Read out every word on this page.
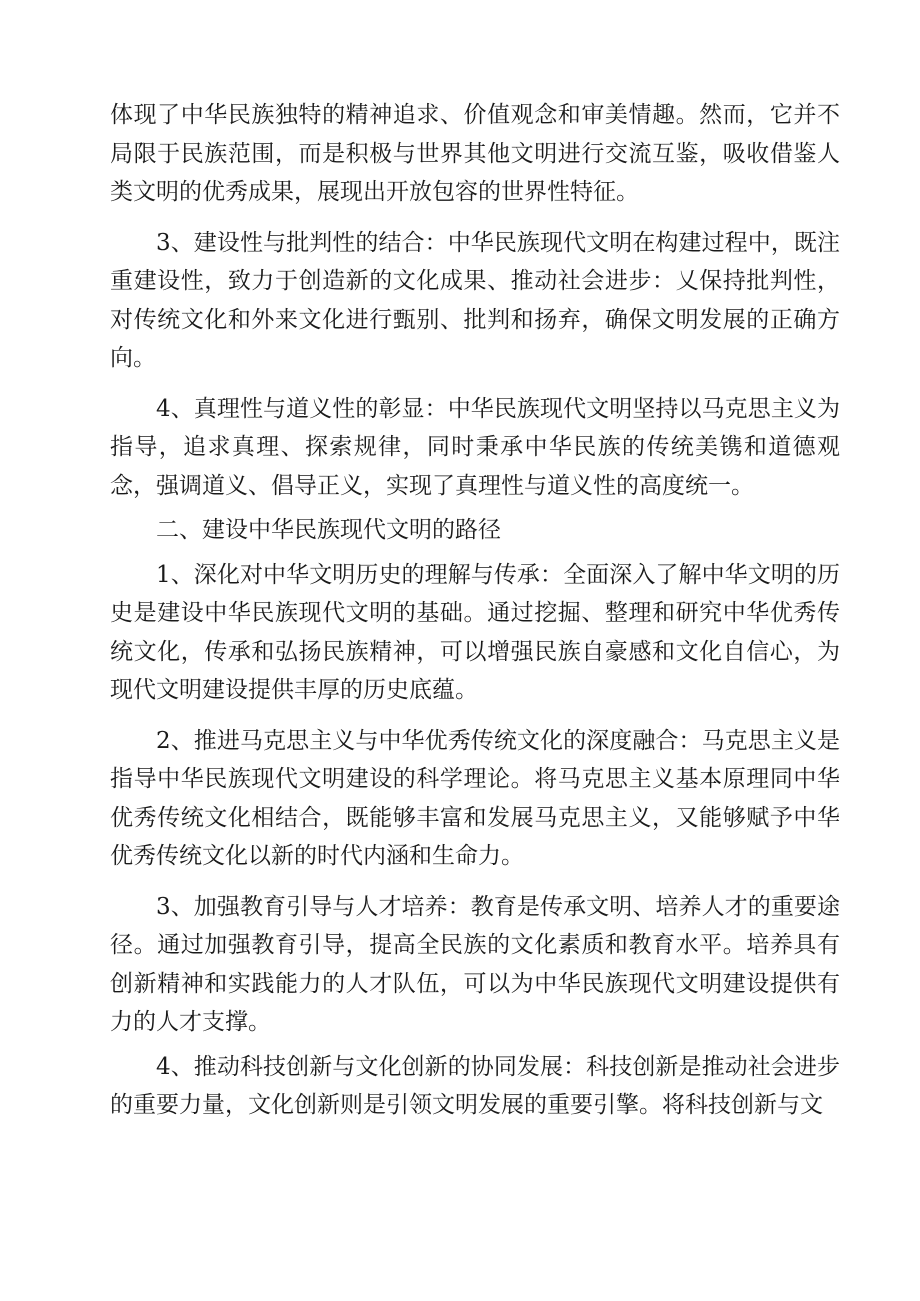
体现了中华民族独特的精神追求、价值观念和审美情趣。然而，它并不局限于民族范围，而是积极与世界其他文明进行交流互鉴，吸收借鉴人类文明的优秀成果，展现出开放包容的世界性特征。

3、建设性与批判性的结合：中华民族现代文明在构建过程中，既注重建设性，致力于创造新的文化成果、推动社会进步：乂保持批判性，对传统文化和外来文化进行甄别、批判和扬弃，确保文明发展的正确方向。

4、真理性与道义性的彰显：中华民族现代文明坚持以马克思主义为指导，追求真理、探索规律，同时秉承中华民族的传统美镌和道德观念，强调道义、倡导正义，实现了真理性与道义性的高度统一。

二、建设中华民族现代文明的路径

1、深化对中华文明历史的理解与传承：全面深入了解中华文明的历史是建设中华民族现代文明的基础。通过挖掘、整理和研究中华优秀传统文化，传承和弘扬民族精神，可以增强民族自豪感和文化自信心，为现代文明建设提供丰厚的历史底蕴。

2、推进马克思主义与中华优秀传统文化的深度融合：马克思主义是指导中华民族现代文明建设的科学理论。将马克思主义基本原理同中华优秀传统文化相结合，既能够丰富和发展马克思主义，又能够赋予中华优秀传统文化以新的时代内涵和生命力。

3、加强教育引导与人才培养：教育是传承文明、培养人才的重要途径。通过加强教育引导，提高全民族的文化素质和教育水平。培养具有创新精神和实践能力的人才队伍，可以为中华民族现代文明建设提供有力的人才支撑。

4、推动科技创新与文化创新的协同发展：科技创新是推动社会进步的重要力量，文化创新则是引领文明发展的重要引擎。将科技创新与文
